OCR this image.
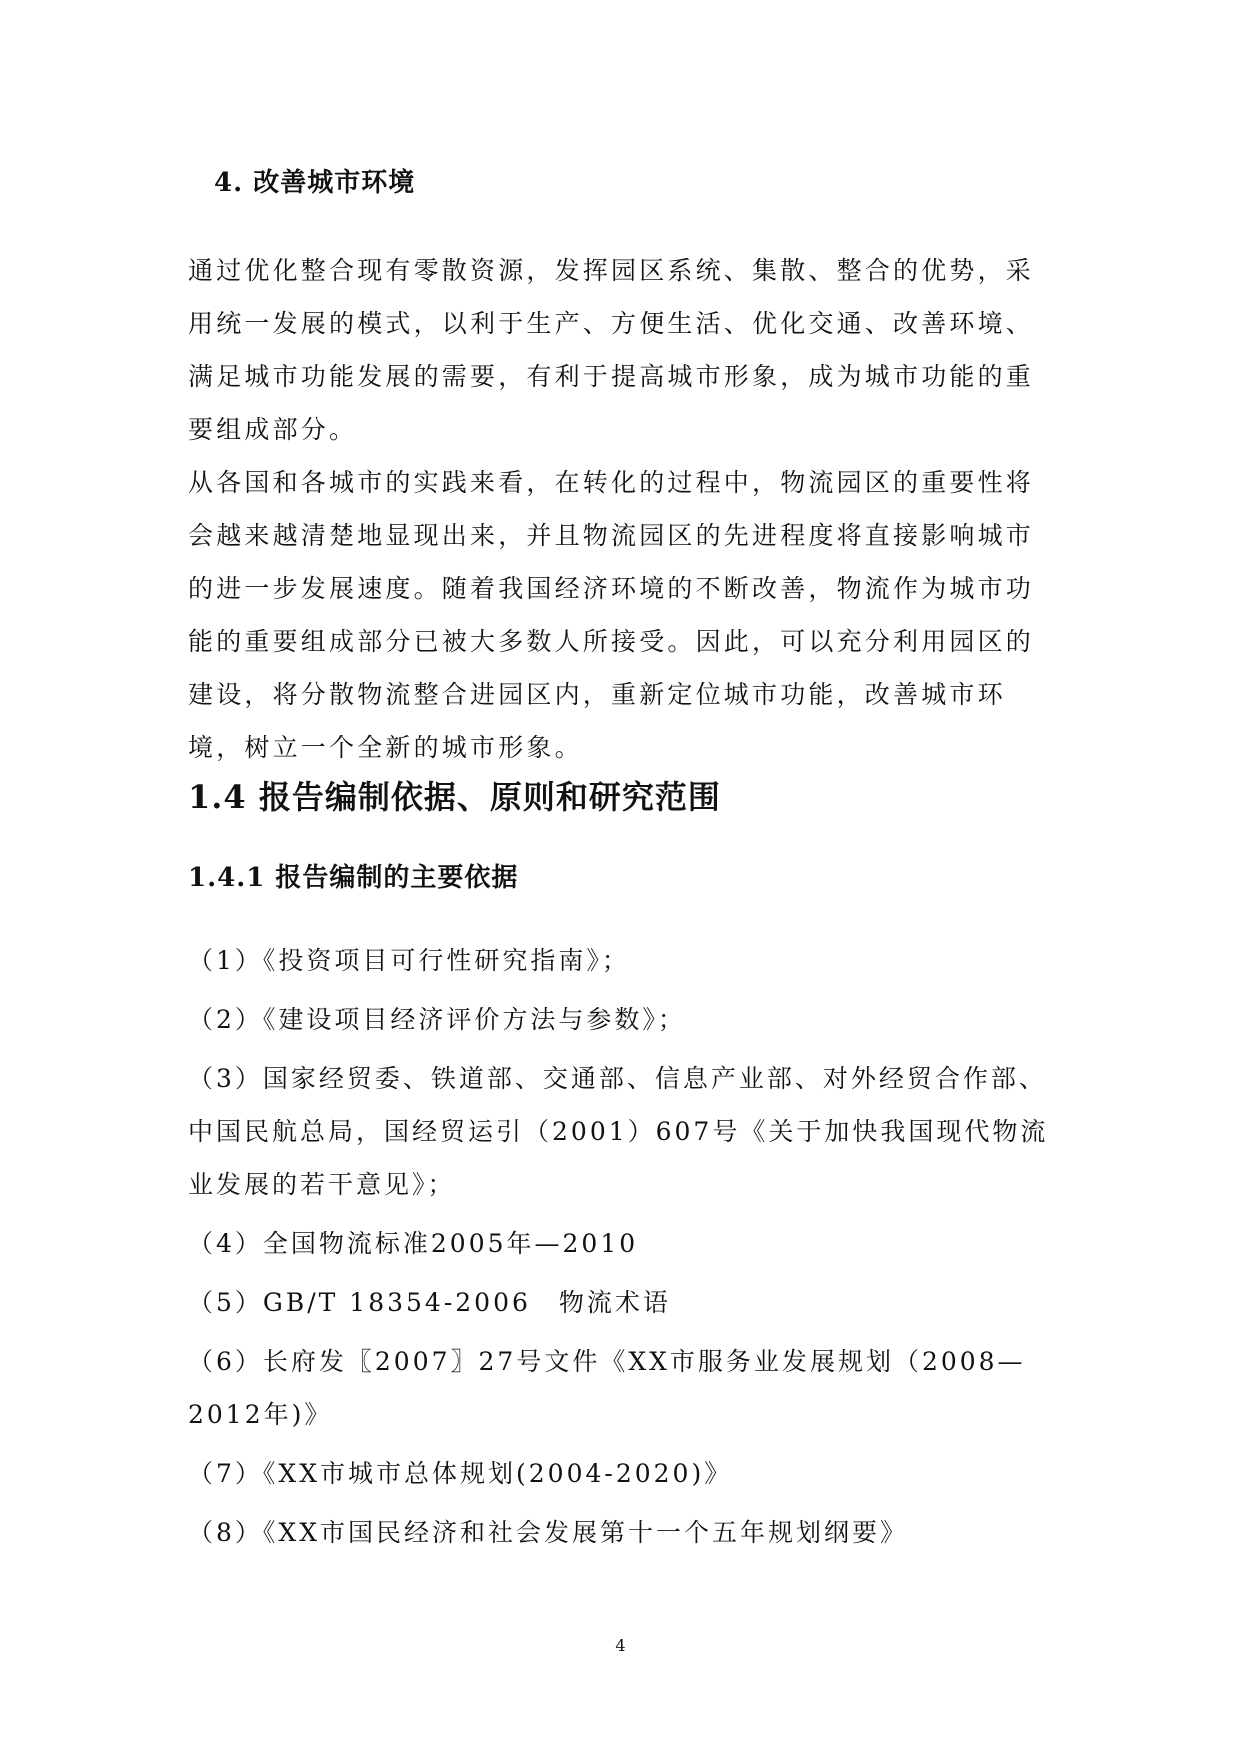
4. 改善城市环境

通过优化整合现有零散资源，发挥园区系统、集散、整合的优势，采用统一发展的模式，以利于生产、方便生活、优化交通、改善环境、满足城市功能发展的需要，有利于提高城市形象，成为城市功能的重要组成部分。

从各国和各城市的实践来看，在转化的过程中，物流园区的重要性将会越来越清楚地显现出来，并且物流园区的先进程度将直接影响城市的进一步发展速度。随着我国经济环境的不断改善，物流作为城市功能的重要组成部分已被大多数人所接受。因此，可以充分利用园区的建设，将分散物流整合进园区内，重新定位城市功能，改善城市环境，树立一个全新的城市形象。

1.4 报告编制依据、原则和研究范围
1.4.1 报告编制的主要依据
（1）《投资项目可行性研究指南》；
（2）《建设项目经济评价方法与参数》；
（3）国家经贸委、铁道部、交通部、信息产业部、对外经贸合作部、中国民航总局，国经贸运引（2001）607号《关于加快我国现代物流业发展的若干意见》；
（4）全国物流标准2005年—2010
（5）GB/T 18354-2006　物流术语
（6）长府发〖2007〗27号文件《XX市服务业发展规划（2008—2012年)》
（7）《XX市城市总体规划(2004-2020)》
（8）《XX市国民经济和社会发展第十一个五年规划纲要》
4
